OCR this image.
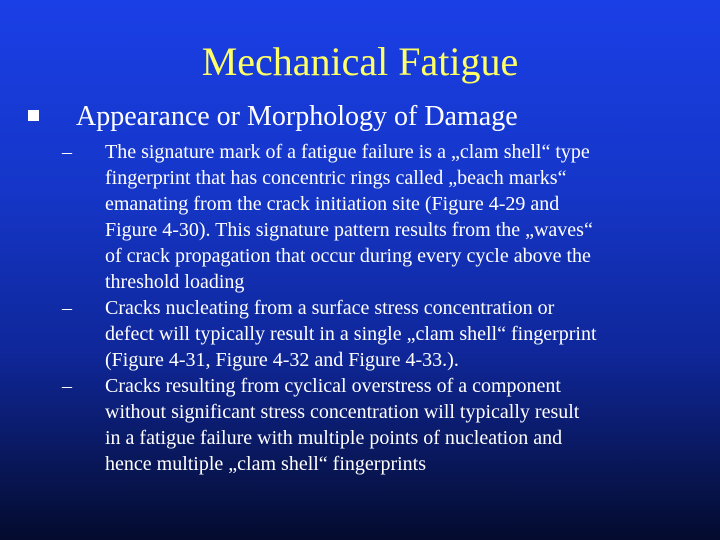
Mechanical Fatigue
Appearance or Morphology of Damage
– The signature mark of a fatigue failure is a „clam shell“ type
fingerprint that has concentric rings called „beach marks“
emanating from the crack initiation site (Figure 4-29 and
Figure 4-30). This signature pattern results from the „waves“
of crack propagation that occur during every cycle above the
threshold loading
– Cracks nucleating from a surface stress concentration or
defect will typically result in a single „clam shell“ fingerprint
(Figure 4-31, Figure 4-32 and Figure 4-33.).
– Cracks resulting from cyclical overstress of a component
without significant stress concentration will typically result
in a fatigue failure with multiple points of nucleation and
hence multiple „clam shell“ fingerprints
